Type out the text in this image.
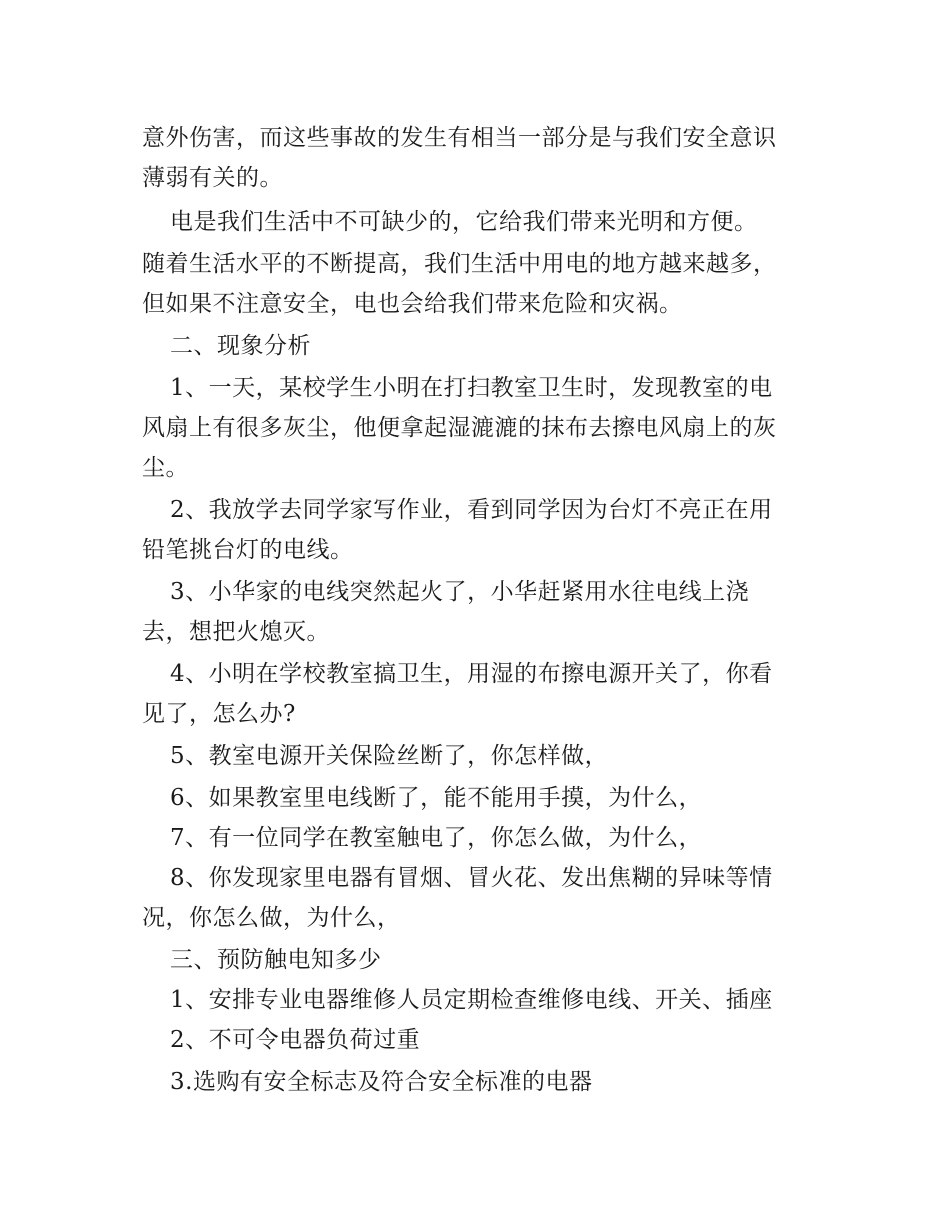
意外伤害，而这些事故的发生有相当一部分是与我们安全意识
薄弱有关的。
电是我们生活中不可缺少的，它给我们带来光明和方便。
随着生活水平的不断提高，我们生活中用电的地方越来越多，
但如果不注意安全，电也会给我们带来危险和灾祸。
二、现象分析
1、一天，某校学生小明在打扫教室卫生时，发现教室的电
风扇上有很多灰尘，他便拿起湿漉漉的抹布去擦电风扇上的灰
尘。
2、我放学去同学家写作业，看到同学因为台灯不亮正在用
铅笔挑台灯的电线。
3、小华家的电线突然起火了，小华赶紧用水往电线上浇
去，想把火熄灭。
4、小明在学校教室搞卫生，用湿的布擦电源开关了，你看
见了，怎么办?
5、教室电源开关保险丝断了，你怎样做，
6、如果教室里电线断了，能不能用手摸，为什么，
7、有一位同学在教室触电了，你怎么做，为什么，
8、你发现家里电器有冒烟、冒火花、发出焦糊的异味等情
况，你怎么做，为什么，
三、预防触电知多少
1、安排专业电器维修人员定期检查维修电线、开关、插座
2、不可令电器负荷过重
3.选购有安全标志及符合安全标准的电器
